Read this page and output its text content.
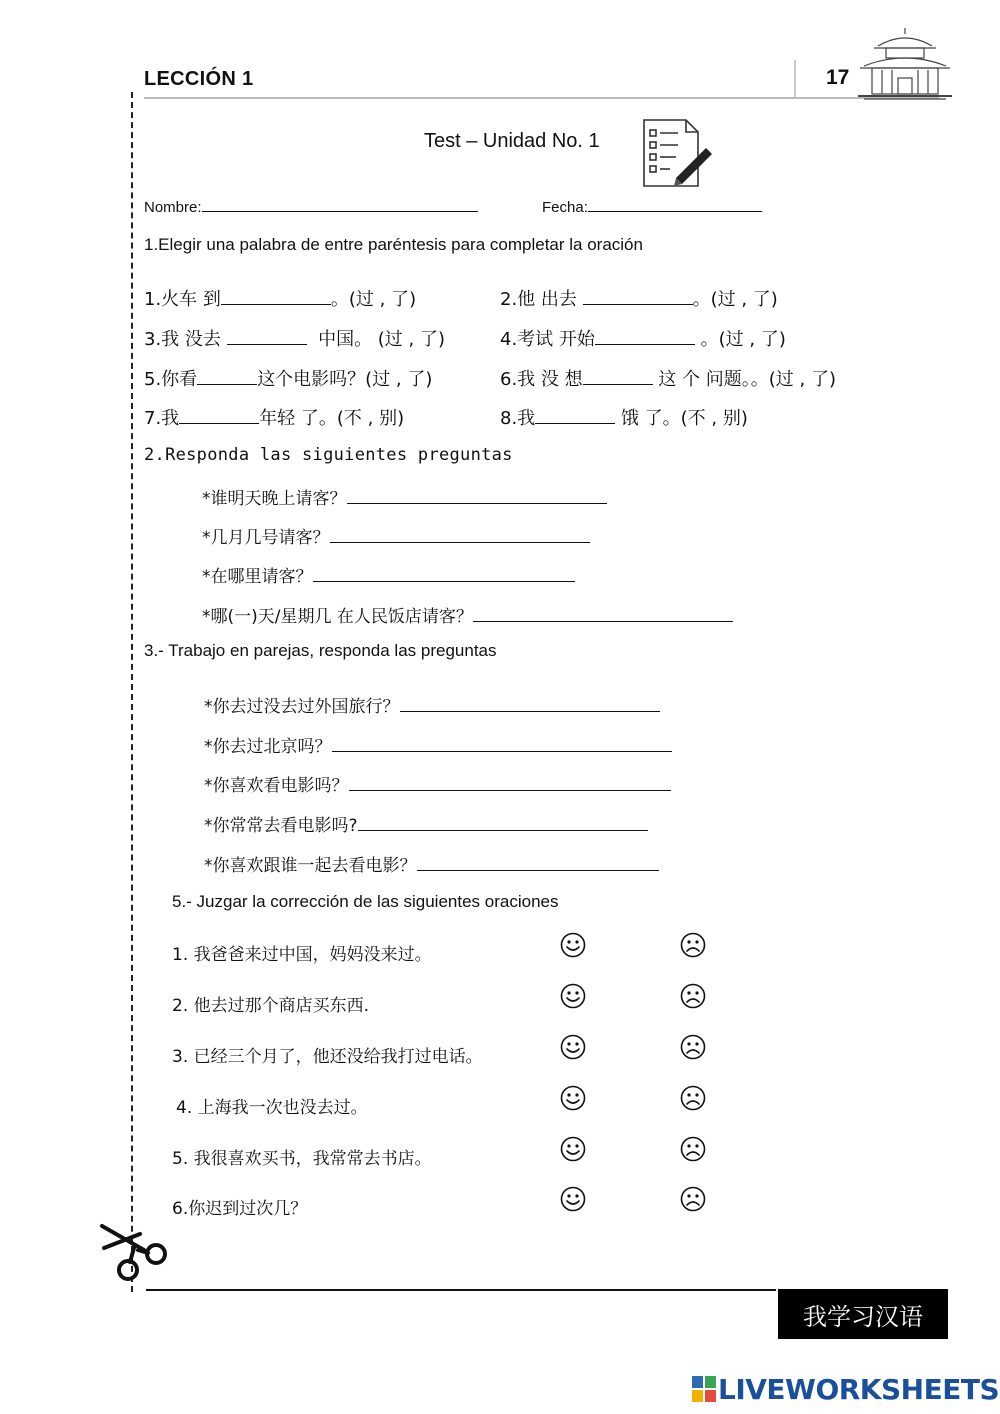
LECCIÓN 1	17
Test – Unidad No. 1
Nombre:	Fecha:
1.Elegir una palabra de entre paréntesis para completar la oración
1.火车 到	。(过 , 了)	2.他 出去	。(过 , 了)
3.我 没去	中国。 (过 , 了)	4.考试 开始	。(过 , 了)
5.你看	这个电影吗？(过 , 了)	6.我 没 想	这 个 问题。。(过 , 了)
7.我	年轻 了。(不 , 别)	8.我	饿 了。(不 , 别)
2.Responda las siguientes preguntas
*谁明天晚上请客？
*几月几号请客？
*在哪里请客？
*哪(一)天/星期几 在人民饭店请客？
3.- Trabajo en parejas, responda las preguntas
*你去过没去过外国旅行？
*你去过北京吗？
*你喜欢看电影吗？
*你常常去看电影吗?
*你喜欢跟谁一起去看电影？
5.- Juzgar la corrección de las siguientes oraciones
1. 我爸爸来过中国，妈妈没来过。
2. 他去过那个商店买东西.
3. 已经三个月了，他还没给我打过电话。
4. 上海我一次也没去过。
5. 我很喜欢买书，我常常去书店。
6.你迟到过次几？
我学习汉语
LIVEWORKSHEETS
